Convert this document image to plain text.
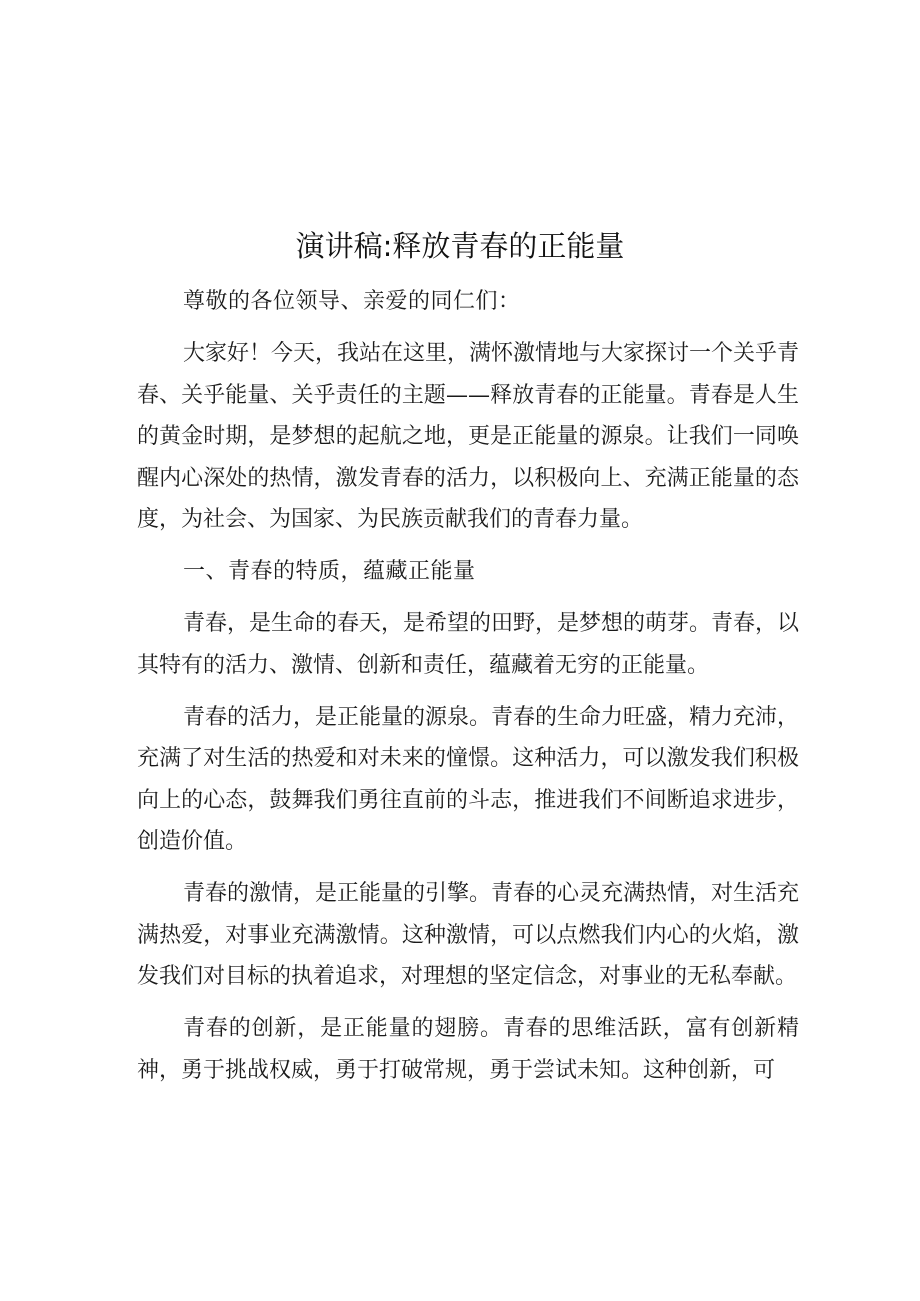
演讲稿:释放青春的正能量

尊敬的各位领导、亲爱的同仁们：

大家好！今天，我站在这里，满怀激情地与大家探讨一个关乎青春、关乎能量、关乎责任的主题——释放青春的正能量。青春是人生的黄金时期，是梦想的起航之地，更是正能量的源泉。让我们一同唤醒内心深处的热情，激发青春的活力，以积极向上、充满正能量的态度，为社会、为国家、为民族贡献我们的青春力量。

一、青春的特质，蕴藏正能量

青春，是生命的春天，是希望的田野，是梦想的萌芽。青春，以其特有的活力、激情、创新和责任，蕴藏着无穷的正能量。

青春的活力，是正能量的源泉。青春的生命力旺盛，精力充沛，充满了对生活的热爱和对未来的憧憬。这种活力，可以激发我们积极向上的心态，鼓舞我们勇往直前的斗志，推进我们不间断追求进步，创造价值。

青春的激情，是正能量的引擎。青春的心灵充满热情，对生活充满热爱，对事业充满激情。这种激情，可以点燃我们内心的火焰，激发我们对目标的执着追求，对理想的坚定信念，对事业的无私奉献。

青春的创新，是正能量的翅膀。青春的思维活跃，富有创新精神，勇于挑战权威，勇于打破常规，勇于尝试未知。这种创新，可
